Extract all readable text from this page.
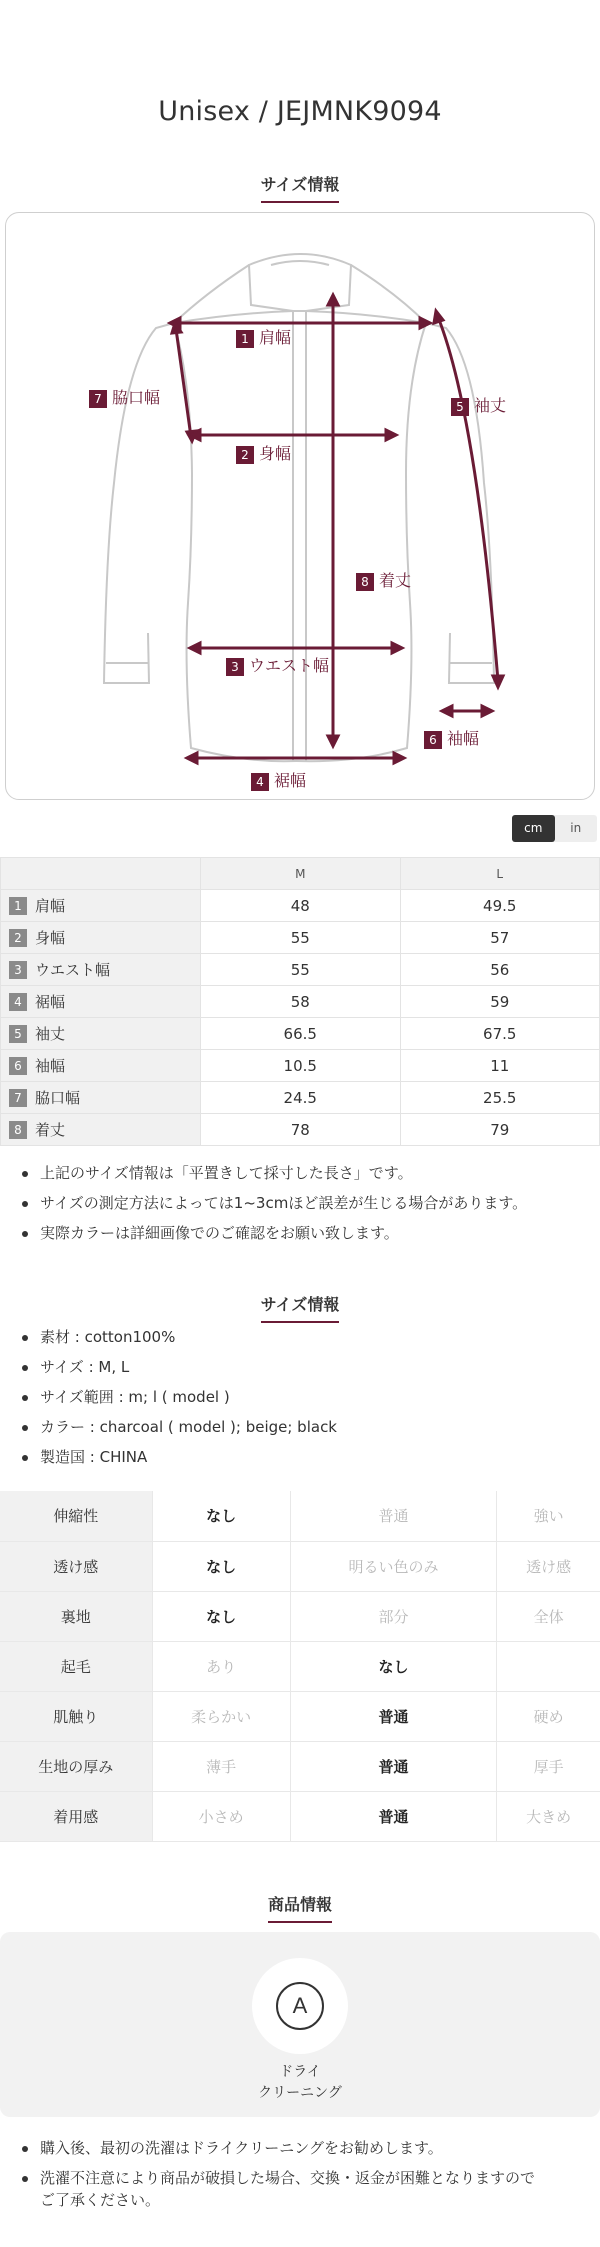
Unisex / JEJMNK9094
サイズ情報
1 肩幅
2 身幅
3 ウエスト幅
4 裾幅
5 袖丈
6 袖幅
7 脇口幅
8 着丈
cm	in
	M	L
1 肩幅	48	49.5
2 身幅	55	57
3 ウエスト幅	55	56
4 裾幅	58	59
5 袖丈	66.5	67.5
6 袖幅	10.5	11
7 脇口幅	24.5	25.5
8 着丈	78	79
上記のサイズ情報は「平置きして採寸した長さ」です。
サイズの測定方法によっては1~3cmほど誤差が生じる場合があります。
実際カラーは詳細画像でのご確認をお願い致します。
サイズ情報
素材 : cotton100%
サイズ : M, L
サイズ範囲 : m; l ( model )
カラー : charcoal ( model ); beige; black
製造国 : CHINA
伸縮性	なし	普通	強い
透け感	なし	明るい色のみ	透け感
裏地	なし	部分	全体
起毛	あり	なし	
肌触り	柔らかい	普通	硬め
生地の厚み	薄手	普通	厚手
着用感	小さめ	普通	大きめ
商品情報
A
ドライ
クリーニング
購入後、最初の洗濯はドライクリーニングをお勧めします。
洗濯不注意により商品が破損した場合、交換・返金が困難となりますので
ご了承ください。
